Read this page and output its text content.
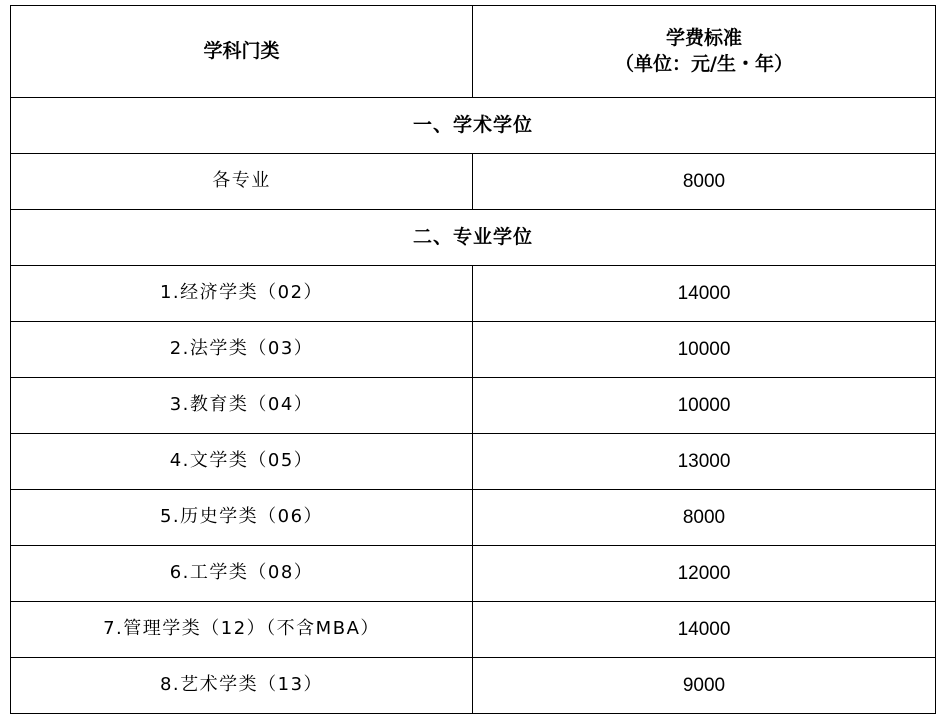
学科门类	学费标准
（单位：元/生・年）

一、学术学位	
各专业	8000
二、专业学位	
1.经济学类（02）	14000
2.法学类（03）	10000
3.教育类（04）	10000
4.文学类（05）	13000
5.历史学类（06）	8000
6.工学类（08）	12000
7.管理学类（12）（不含MBA）	14000
8.艺术学类（13）	9000
